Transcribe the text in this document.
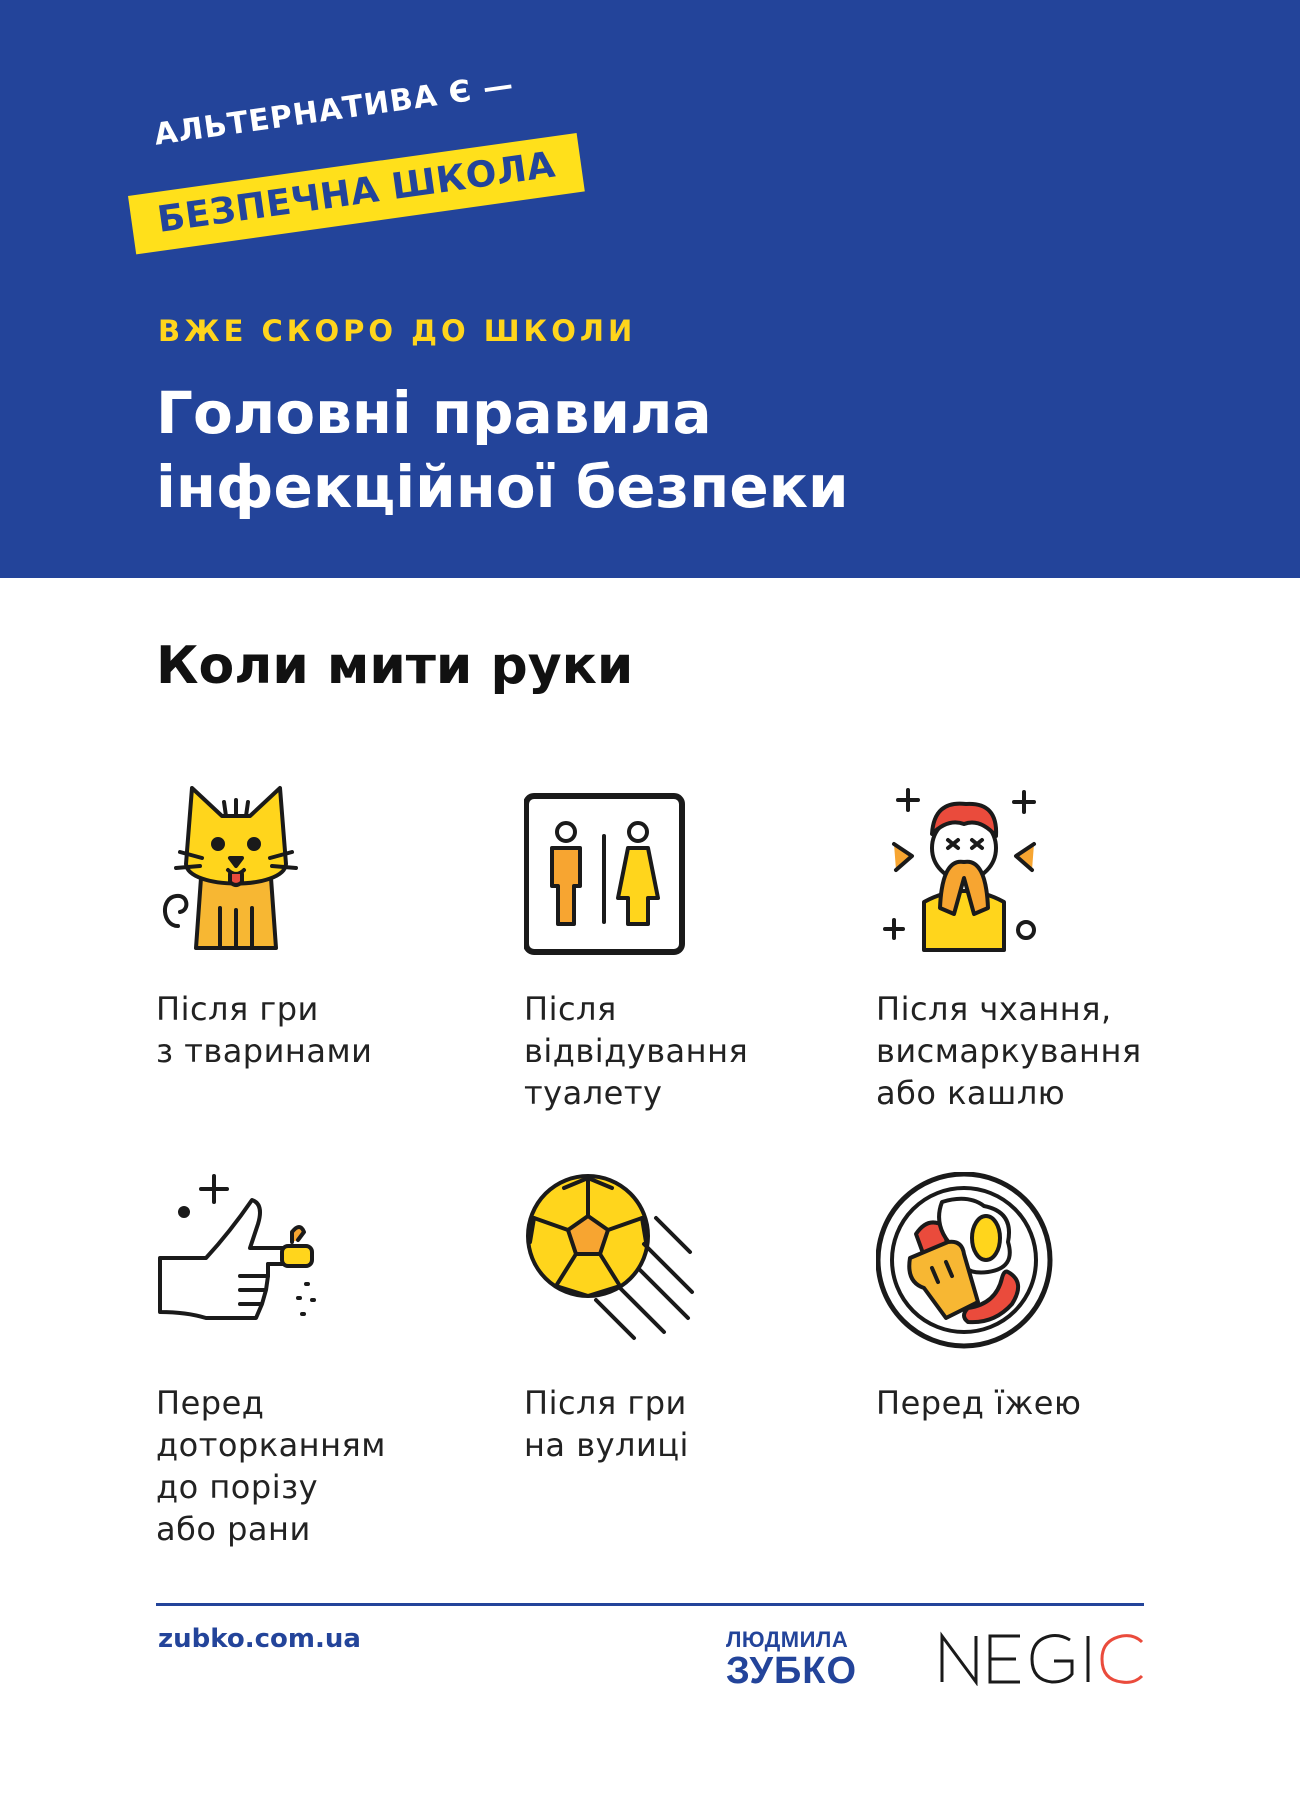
АЛЬТЕРНАТИВА Є —
БЕЗПЕЧНА ШКОЛА
ВЖЕ СКОРО ДО ШКОЛИ
Головні правила
інфекційної безпеки
Коли мити руки
Після гри
з тваринами
Після
відвідування
туалету
Після чхання,
висмаркування
або кашлю
Перед
доторканням
до порізу
або рани
Після гри
на вулиці
Перед їжею
zubko.com.ua	ЛЮДМИЛА
ЗУБКО
